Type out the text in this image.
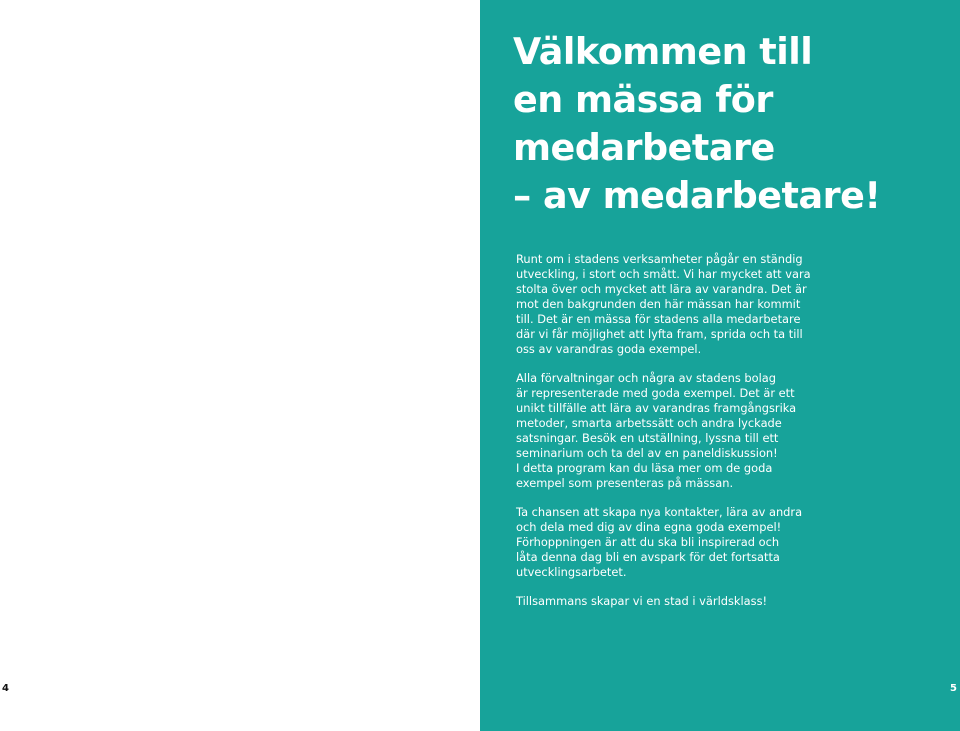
4	5
Välkommen till
en mässa för
medarbetare
– av medarbetare!

Runt om i stadens verksamheter pågår en ständig
utveckling, i stort och smått. Vi har mycket att vara
stolta över och mycket att lära av varandra. Det är
mot den bakgrunden den här mässan har kommit
till. Det är en mässa för stadens alla medarbetare
där vi får möjlighet att lyfta fram, sprida och ta till
oss av varandras goda exempel.

Alla förvaltningar och några av stadens bolag
är representerade med goda exempel. Det är ett
unikt tillfälle att lära av varandras framgångsrika
metoder, smarta arbetssätt och andra lyckade
satsningar. Besök en utställning, lyssna till ett
seminarium och ta del av en paneldiskussion!
I detta program kan du läsa mer om de goda
exempel som presenteras på mässan.

Ta chansen att skapa nya kontakter, lära av andra
och dela med dig av dina egna goda exempel!
Förhoppningen är att du ska bli inspirerad och
låta denna dag bli en avspark för det fortsatta
utvecklingsarbetet.

Tillsammans skapar vi en stad i världsklass!
